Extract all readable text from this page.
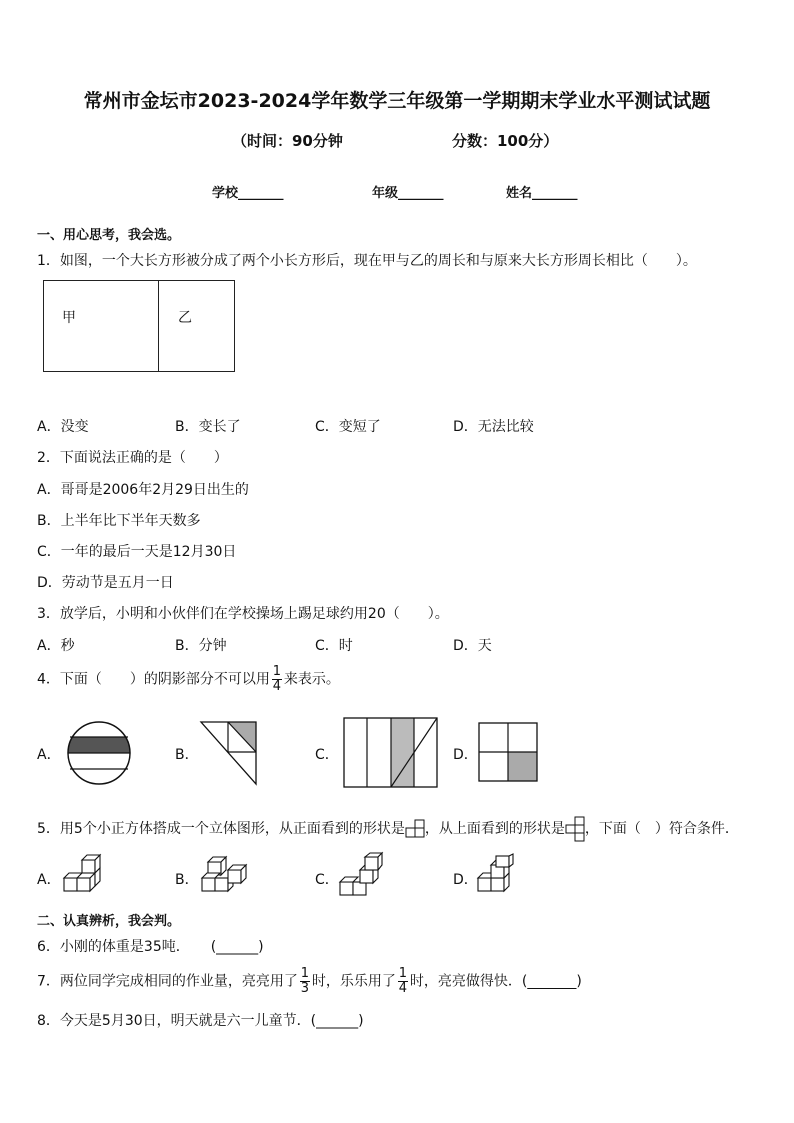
常州市金坛市2023-2024学年数学三年级第一学期期末学业水平测试试题
（时间：90分钟	分数：100分）
学校_______	年级_______	姓名_______
一、用心思考，我会选。
1．如图，一个大长方形被分成了两个小长方形后，现在甲与乙的周长和与原来大长方形周长相比（　　）。
甲	乙
A．没变	B．变长了	C．变短了	D．无法比较
2．下面说法正确的是（　　）
A．哥哥是2006年2月29日出生的
B．上半年比下半年天数多
C．一年的最后一天是12月30日
D．劳动节是五月一日
3．放学后，小明和小伙伴们在学校操场上踢足球约用20（　　）。
A．秒	B．分钟	C．时	D．天
4．下面（　　）的阴影部分不可以用 $\frac{1}{4}$ 来表示。
A．	B．	C．	D．
5．用5个小正方体搭成一个立体图形，从正面看到的形状是 ，从上面看到的形状是 ，下面（　）符合条件．
A．	B．	C．	D．
二、认真辨析，我会判。
6．小刚的体重是35吨．　　(______)
7．两位同学完成相同的作业量，亮亮用了 $\frac{1}{3}$ 时，乐乐用了 $\frac{1}{4}$ 时，亮亮做得快．(_______)
8．今天是5月30日，明天就是六一儿童节．(______)
